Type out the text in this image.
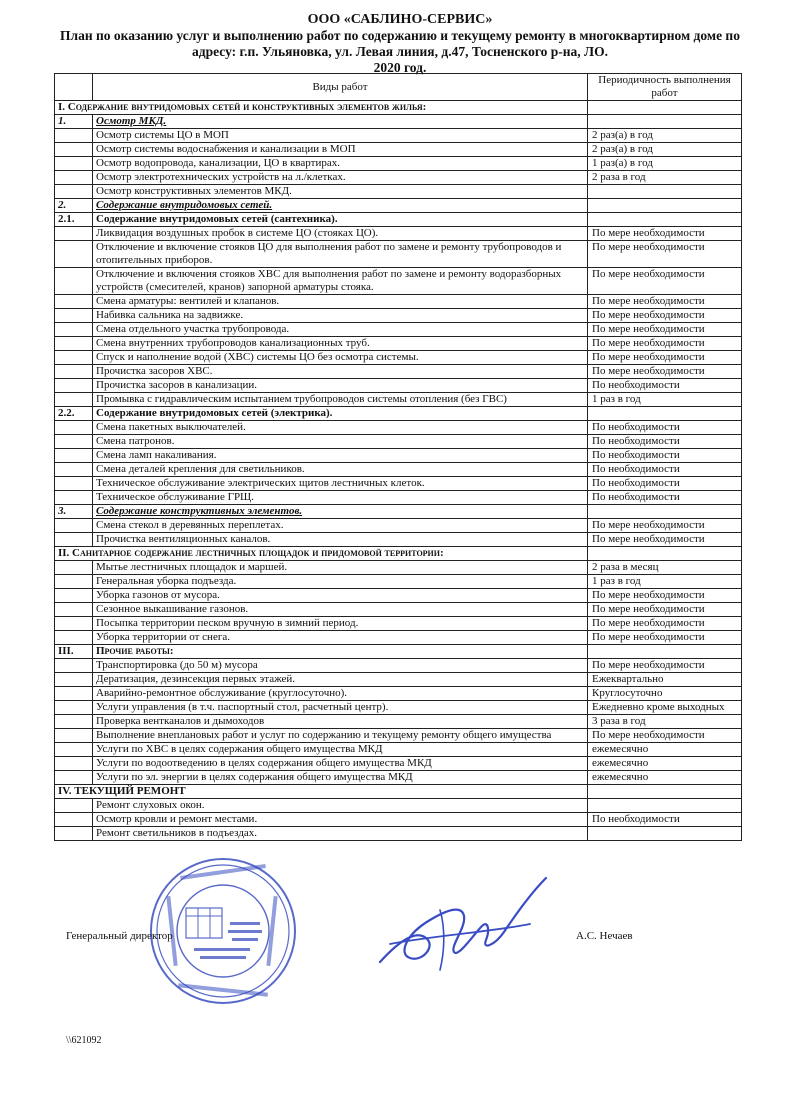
ООО «САБЛИНО-СЕРВИС»
План по оказанию услуг и выполнению работ по содержанию и текущему ремонту в многоквартирном доме по
адресу: г.п. Ульяновка, ул. Левая линия, д.47, Тосненского р-на, ЛО.
2020 год.
	Виды работ	Периодичность выполнения работ
I. Содержание внутридомовых сетей и конструктивных элементов жилья:		
1.	Осмотр МКД.	
	Осмотр системы ЦО в МОП	2 раз(а) в год
	Осмотр системы водоснабжения и канализации в МОП	2 раз(а) в год
	Осмотр водопровода, канализации, ЦО в квартирах.	1 раз(а) в год
	Осмотр электротехнических устройств на л./клетках.	2 раза в год
	Осмотр конструктивных элементов МКД.	
2.	Содержание внутридомовых сетей.	
2.1.	Содержание внутридомовых сетей (сантехника).	
	Ликвидация воздушных пробок в системе ЦО (стояках ЦО).	По мере необходимости
	Отключение и включение стояков ЦО для выполнения работ по замене и ремонту трубопроводов и отопительных приборов.	По мере необходимости
	Отключение и включения стояков ХВС для выполнения работ по замене и ремонту водоразборных устройств (смесителей, кранов) запорной арматуры стояка.	По мере необходимости
	Смена арматуры: вентилей и клапанов.	По мере необходимости
	Набивка сальника на задвижке.	По мере необходимости
	Смена отдельного участка трубопровода.	По мере необходимости
	Смена внутренних трубопроводов канализационных труб.	По мере необходимости
	Спуск и наполнение водой (ХВС) системы ЦО без осмотра системы.	По мере необходимости
	Прочистка засоров ХВС.	По мере необходимости
	Прочистка засоров в канализации.	По необходимости
	Промывка с гидравлическим испытанием трубопроводов системы отопления (без ГВС)	1 раз в год
2.2.	Содержание внутридомовых сетей (электрика).	
	Смена пакетных выключателей.	По необходимости
	Смена патронов.	По необходимости
	Смена ламп накаливания.	По необходимости
	Смена деталей крепления для светильников.	По необходимости
	Техническое обслуживание электрических щитов лестничных клеток.	По необходимости
	Техническое обслуживание ГРЩ.	По необходимости
3.	Содержание конструктивных элементов.	
	Смена стекол в деревянных переплетах.	По мере необходимости
	Прочистка вентиляционных каналов.	По мере необходимости
II. Санитарное содержание лестничных площадок и придомовой территории:		
	Мытье лестничных площадок и маршей.	2 раза в месяц
	Генеральная уборка подъезда.	1 раз в год
	Уборка газонов от мусора.	По мере необходимости
	Сезонное выкашивание газонов.	По мере необходимости
	Посыпка территории песком вручную в зимний период.	По мере необходимости
	Уборка территории от снега.	По мере необходимости
III.	Прочие работы:	
	Транспортировка (до 50 м) мусора	По мере необходимости
	Дератизация, дезинсекция первых этажей.	Ежеквартально
	Аварийно-ремонтное обслуживание (круглосуточно).	Круглосуточно
	Услуги управления (в т.ч. паспортный стол, расчетный центр).	Ежедневно кроме выходных
	Проверка вентканалов и дымоходов	3 раза в год
	Выполнение внеплановых работ и услуг по содержанию и текущему ремонту общего имущества	По мере необходимости
	Услуги по ХВС в целях содержания общего имущества МКД	ежемесячно
	Услуги по водоотведению в целях содержания общего имущества МКД	ежемесячно
	Услуги по эл. энергии в целях содержания общего имущества МКД	ежемесячно
IV. ТЕКУЩИЙ РЕМОНТ		
	Ремонт слуховых окон.	
	Осмотр кровли и ремонт местами.	По необходимости
	Ремонт светильников в подъездах.	
Генеральный директор	А.С. Нечаев
\\621092
